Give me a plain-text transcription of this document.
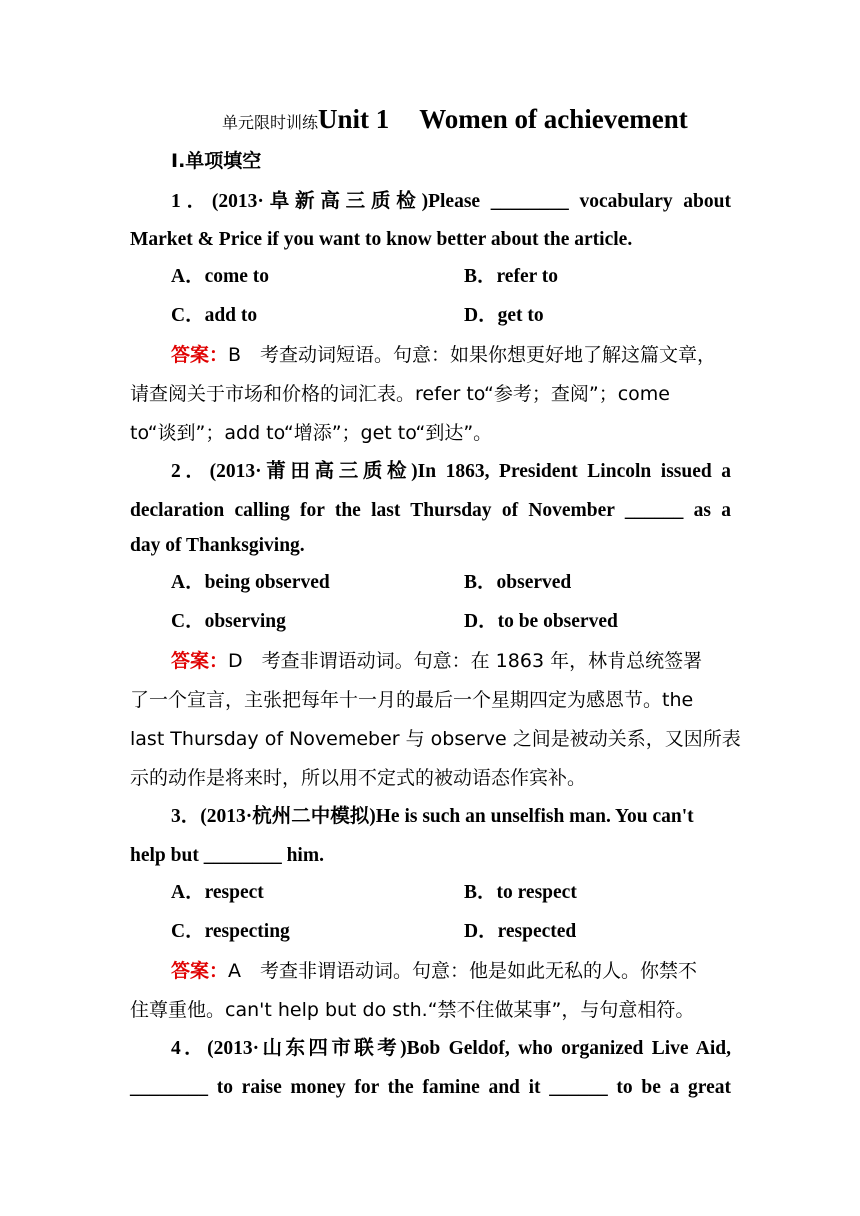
单元限时训练Unit 1 Women of achievement
Ⅰ.单项填空
1．(2013·阜新高三质检)Please ________ vocabulary about
Market & Price if you want to know better about the article.
A．come to	B．refer to
C．add to	D．get to
答案：B　考查动词短语。句意：如果你想更好地了解这篇文章，
请查阅关于市场和价格的词汇表。refer to“参考；查阅”；come
to“谈到”；add to“增添”；get to“到达”。
2．(2013·莆田高三质检)In 1863, President Lincoln issued a
declaration calling for the last Thursday of November ______ as a
day of Thanksgiving.
A．being observed	B．observed
C．observing	D．to be observed
答案：D　考查非谓语动词。句意：在 1863 年，林肯总统签署
了一个宣言，主张把每年十一月的最后一个星期四定为感恩节。the
last Thursday of Novemeber 与 observe 之间是被动关系，又因所表
示的动作是将来时，所以用不定式的被动语态作宾补。
3．(2013·杭州二中模拟)He is such an unselfish man. You can't
help but ________ him.
A．respect	B．to respect
C．respecting	D．respected
答案：A　考查非谓语动词。句意：他是如此无私的人。你禁不
住尊重他。can't help but do sth.“禁不住做某事”，与句意相符。
4．(2013·山东四市联考)Bob Geldof, who organized Live Aid,
________ to raise money for the famine and it ______ to be a great
